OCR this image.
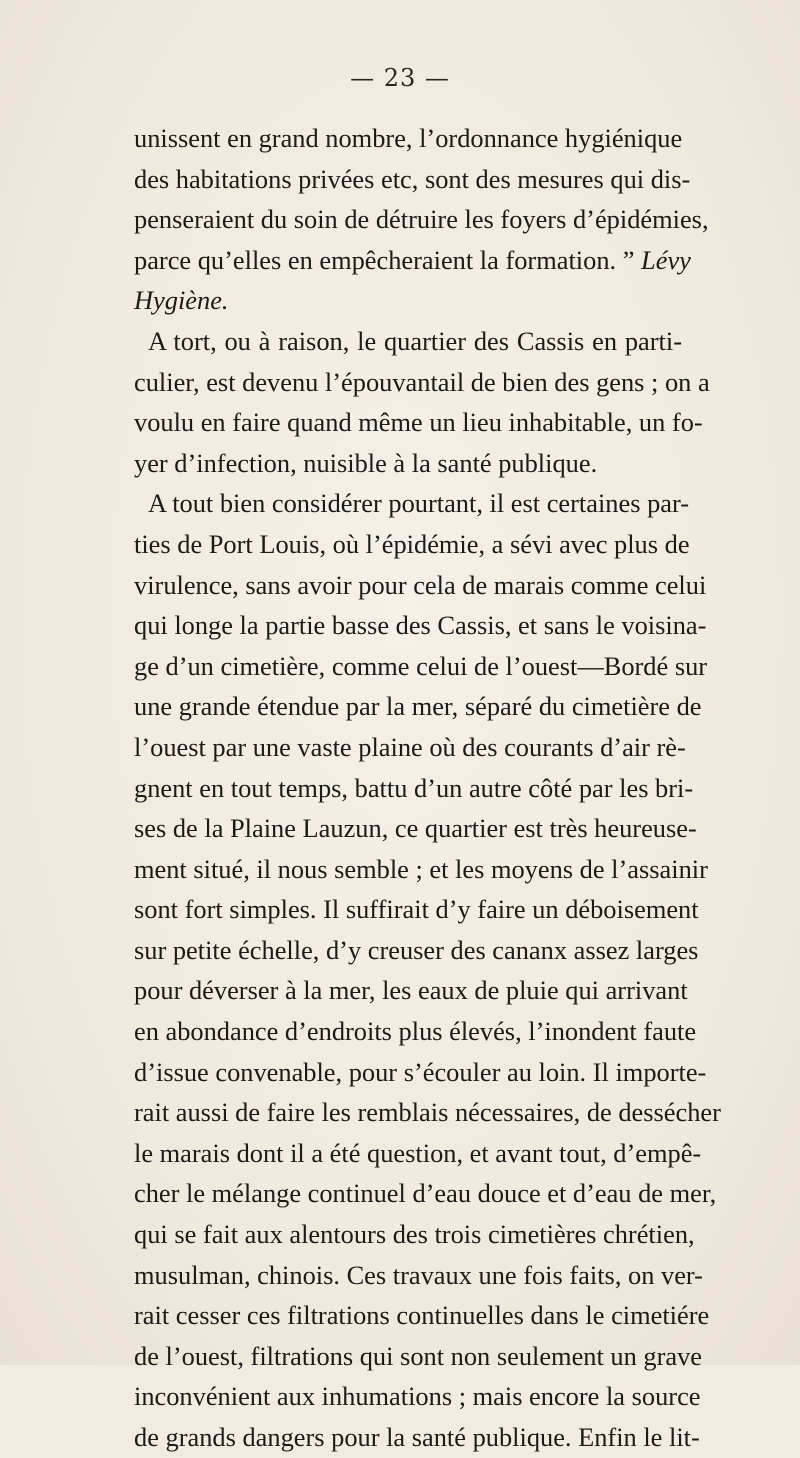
— 23 —
unissent en grand nombre, l’ordonnance hygiénique
des habitations privées etc, sont des mesures qui dis-
penseraient du soin de détruire les foyers d’épidémies,
parce qu’elles en empêcheraient la formation. ” Lévy
Hygiène.
A tort, ou à raison, le quartier des Cassis en parti-
culier, est devenu l’épouvantail de bien des gens ; on a
voulu en faire quand même un lieu inhabitable, un fo-
yer d’infection, nuisible à la santé publique.
A tout bien considérer pourtant, il est certaines par-
ties de Port Louis, où l’épidémie, a sévi avec plus de
virulence, sans avoir pour cela de marais comme celui
qui longe la partie basse des Cassis, et sans le voisina-
ge d’un cimetière, comme celui de l’ouest—Bordé sur
une grande étendue par la mer, séparé du cimetière de
l’ouest par une vaste plaine où des courants d’air rè-
gnent en tout temps, battu d’un autre côté par les bri-
ses de la Plaine Lauzun, ce quartier est très heureuse-
ment situé, il nous semble ; et les moyens de l’assainir
sont fort simples. Il suffirait d’y faire un déboisement
sur petite échelle, d’y creuser des cananx assez larges
pour déverser à la mer, les eaux de pluie qui arrivant
en abondance d’endroits plus élevés, l’inondent faute
d’issue convenable, pour s’écouler au loin. Il importe-
rait aussi de faire les remblais nécessaires, de dessécher
le marais dont il a été question, et avant tout, d’empê-
cher le mélange continuel d’eau douce et d’eau de mer,
qui se fait aux alentours des trois cimetières chrétien,
musulman, chinois. Ces travaux une fois faits, on ver-
rait cesser ces filtrations continuelles dans le cimetiére
de l’ouest, filtrations qui sont non seulement un grave
inconvénient aux inhumations ; mais encore la source
de grands dangers pour la santé publique. Enfin le lit-
